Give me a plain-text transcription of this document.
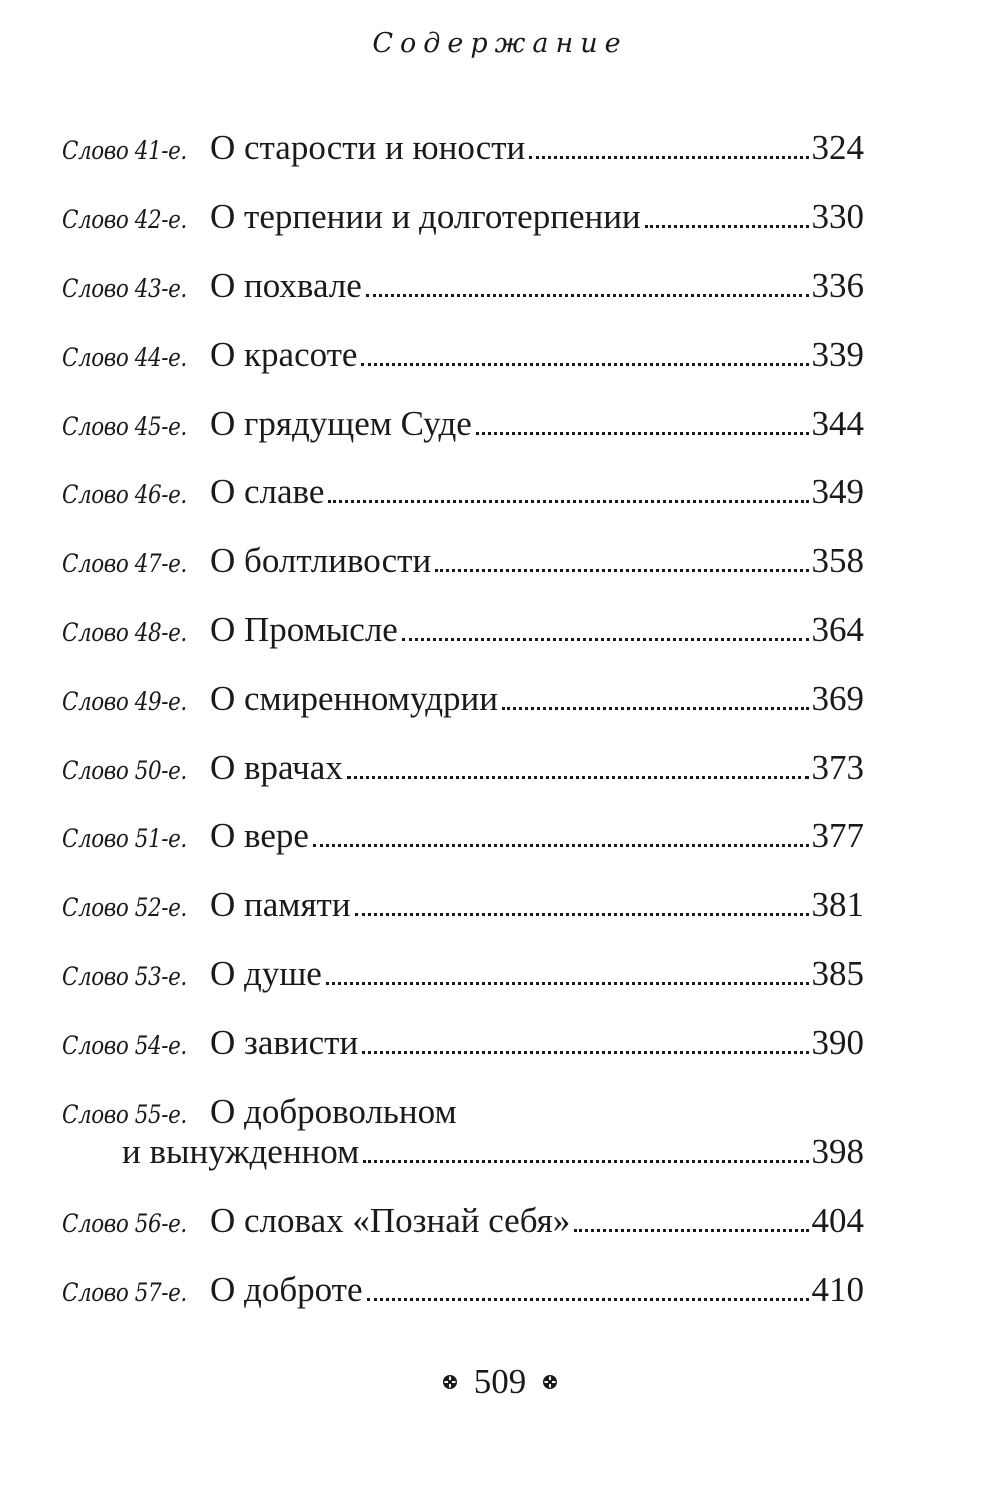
Содержание
Слово 41-е. О старости и юности	324
Слово 42-е. О терпении и долготерпении	330
Слово 43-е. О похвале	336
Слово 44-е. О красоте	339
Слово 45-е. О грядущем Суде	344
Слово 46-е. О славе	349
Слово 47-е. О болтливости	358
Слово 48-е. О Промысле	364
Слово 49-е. О смиренномудрии	369
Слово 50-е. О врачах	373
Слово 51-е. О вере	377
Слово 52-е. О памяти	381
Слово 53-е. О душе	385
Слово 54-е. О зависти	390
Слово 55-е. О добровольном
и вынужденном	398
Слово 56-е. О словах «Познай себя»	404
Слово 57-е. О доброте	410
509
